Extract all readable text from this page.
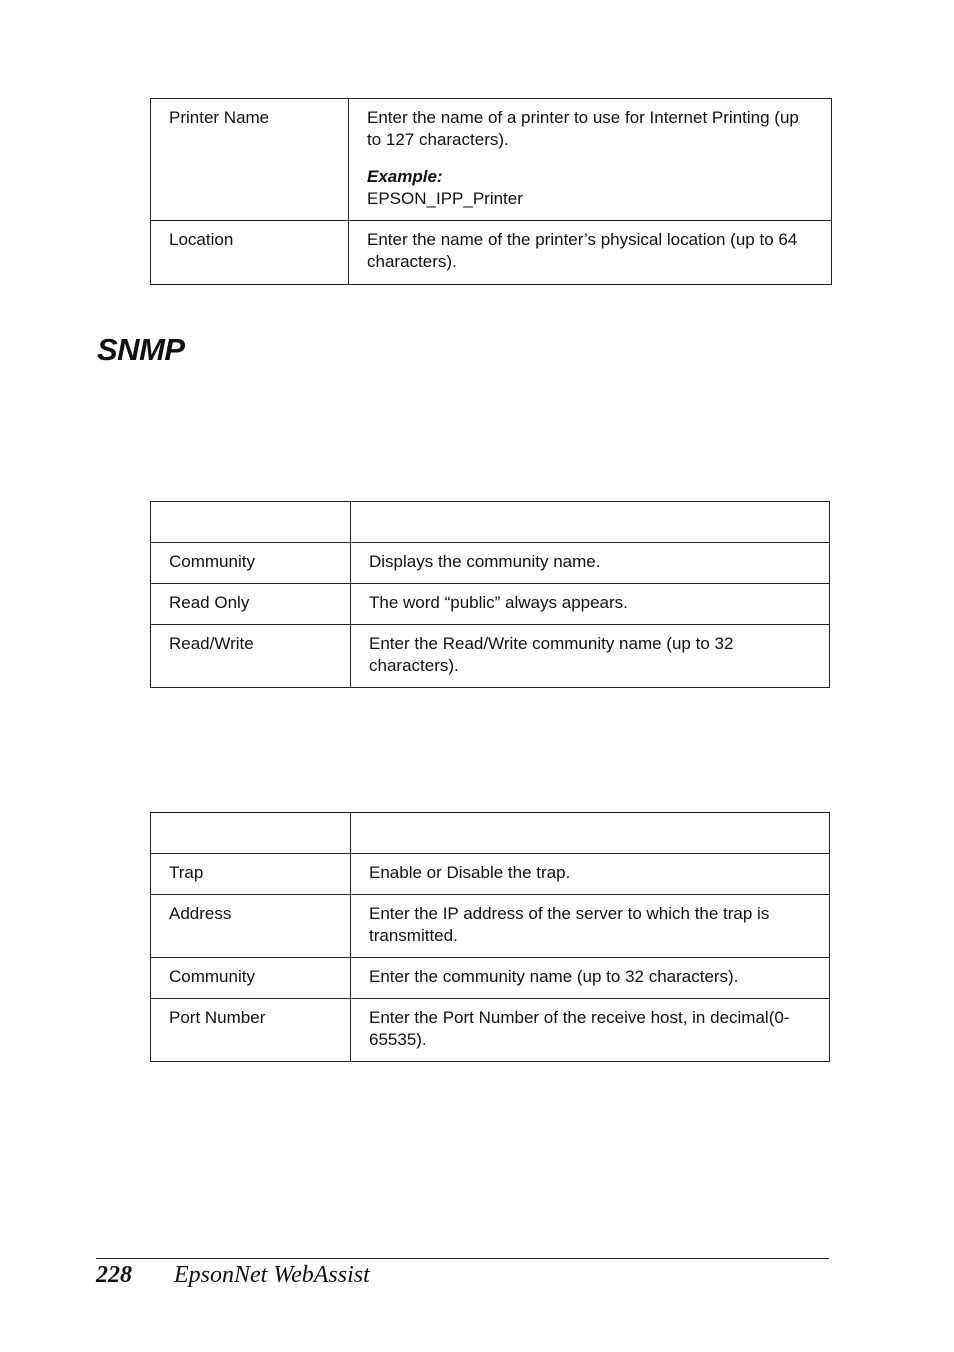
Printer Name	Enter the name of a printer to use for Internet Printing (up to 127 characters).
Example:
EPSON_IPP_Printer
Location	Enter the name of the printer’s physical location (up to 64 characters).
SNMP

Community	Displays the community name.
Read Only	The word “public” always appears.
Read/Write	Enter the Read/Write community name (up to 32 characters).

Trap	Enable or Disable the trap.
Address	Enter the IP address of the server to which the trap is transmitted.
Community	Enter the community name (up to 32 characters).
Port Number	Enter the Port Number of the receive host, in decimal(0-65535).
228 EpsonNet WebAssist
